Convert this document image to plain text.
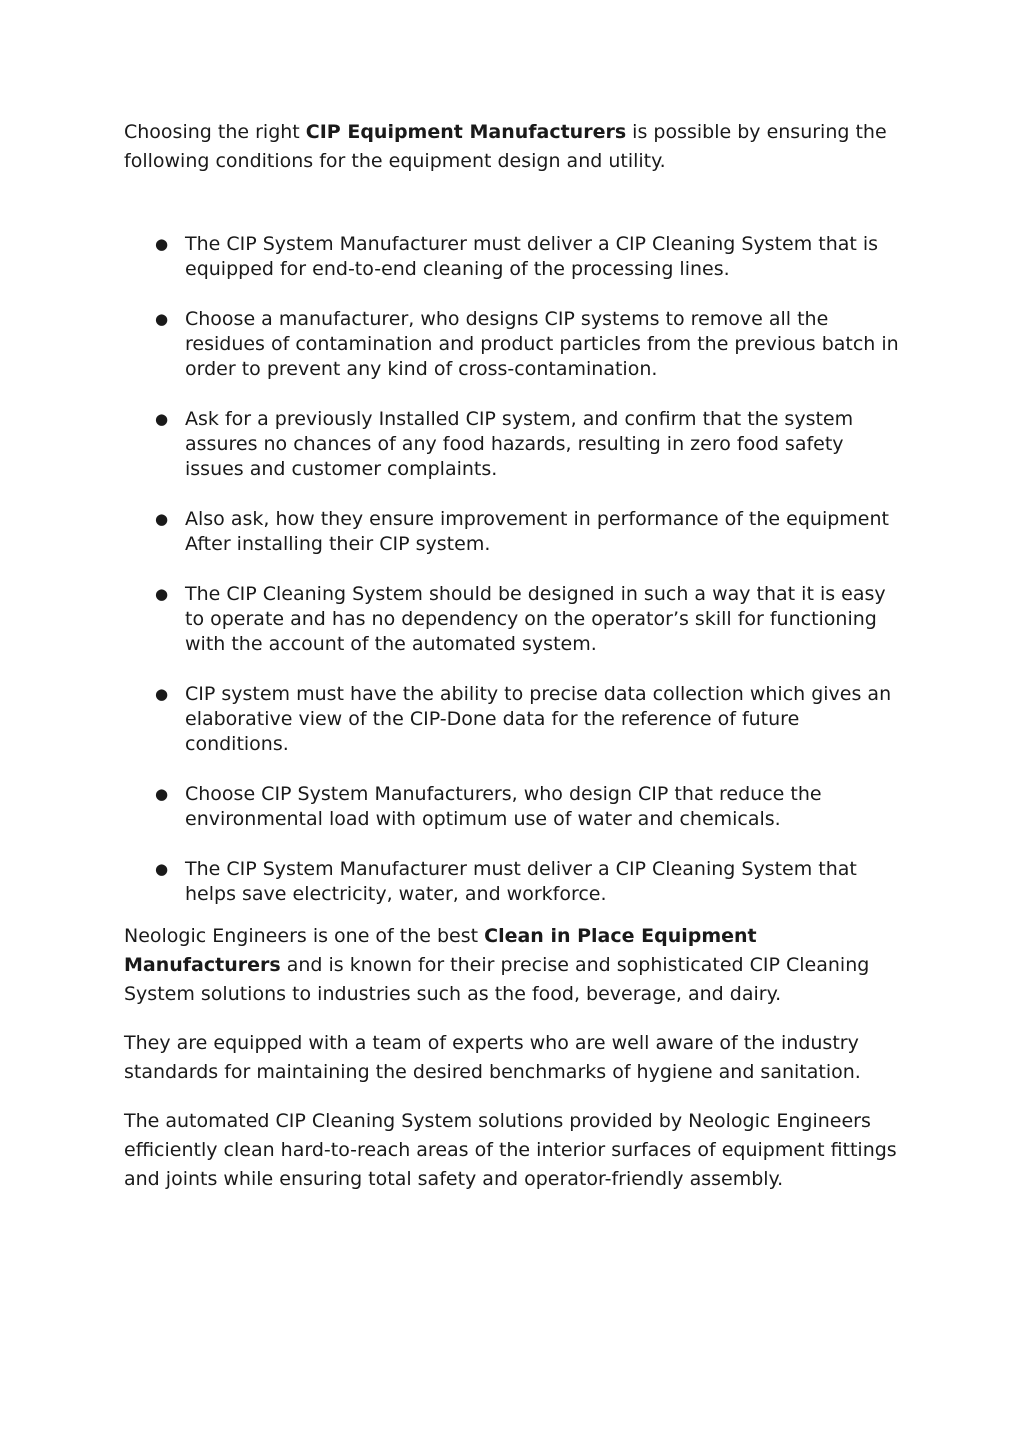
Choosing the right CIP Equipment Manufacturers is possible by ensuring the following conditions for the equipment design and utility.

● The CIP System Manufacturer must deliver a CIP Cleaning System that is equipped for end-to-end cleaning of the processing lines.
● Choose a manufacturer, who designs CIP systems to remove all the residues of contamination and product particles from the previous batch in order to prevent any kind of cross-contamination.
● Ask for a previously Installed CIP system, and confirm that the system assures no chances of any food hazards, resulting in zero food safety issues and customer complaints.
● Also ask, how they ensure improvement in performance of the equipment After installing their CIP system.
● The CIP Cleaning System should be designed in such a way that it is easy to operate and has no dependency on the operator’s skill for functioning with the account of the automated system.
● CIP system must have the ability to precise data collection which gives an elaborative view of the CIP-Done data for the reference of future conditions.
● Choose CIP System Manufacturers, who design CIP that reduce the environmental load with optimum use of water and chemicals.
● The CIP System Manufacturer must deliver a CIP Cleaning System that helps save electricity, water, and workforce.

Neologic Engineers is one of the best Clean in Place Equipment Manufacturers and is known for their precise and sophisticated CIP Cleaning System solutions to industries such as the food, beverage, and dairy.

They are equipped with a team of experts who are well aware of the industry standards for maintaining the desired benchmarks of hygiene and sanitation.

The automated CIP Cleaning System solutions provided by Neologic Engineers efficiently clean hard-to-reach areas of the interior surfaces of equipment fittings and joints while ensuring total safety and operator-friendly assembly.
